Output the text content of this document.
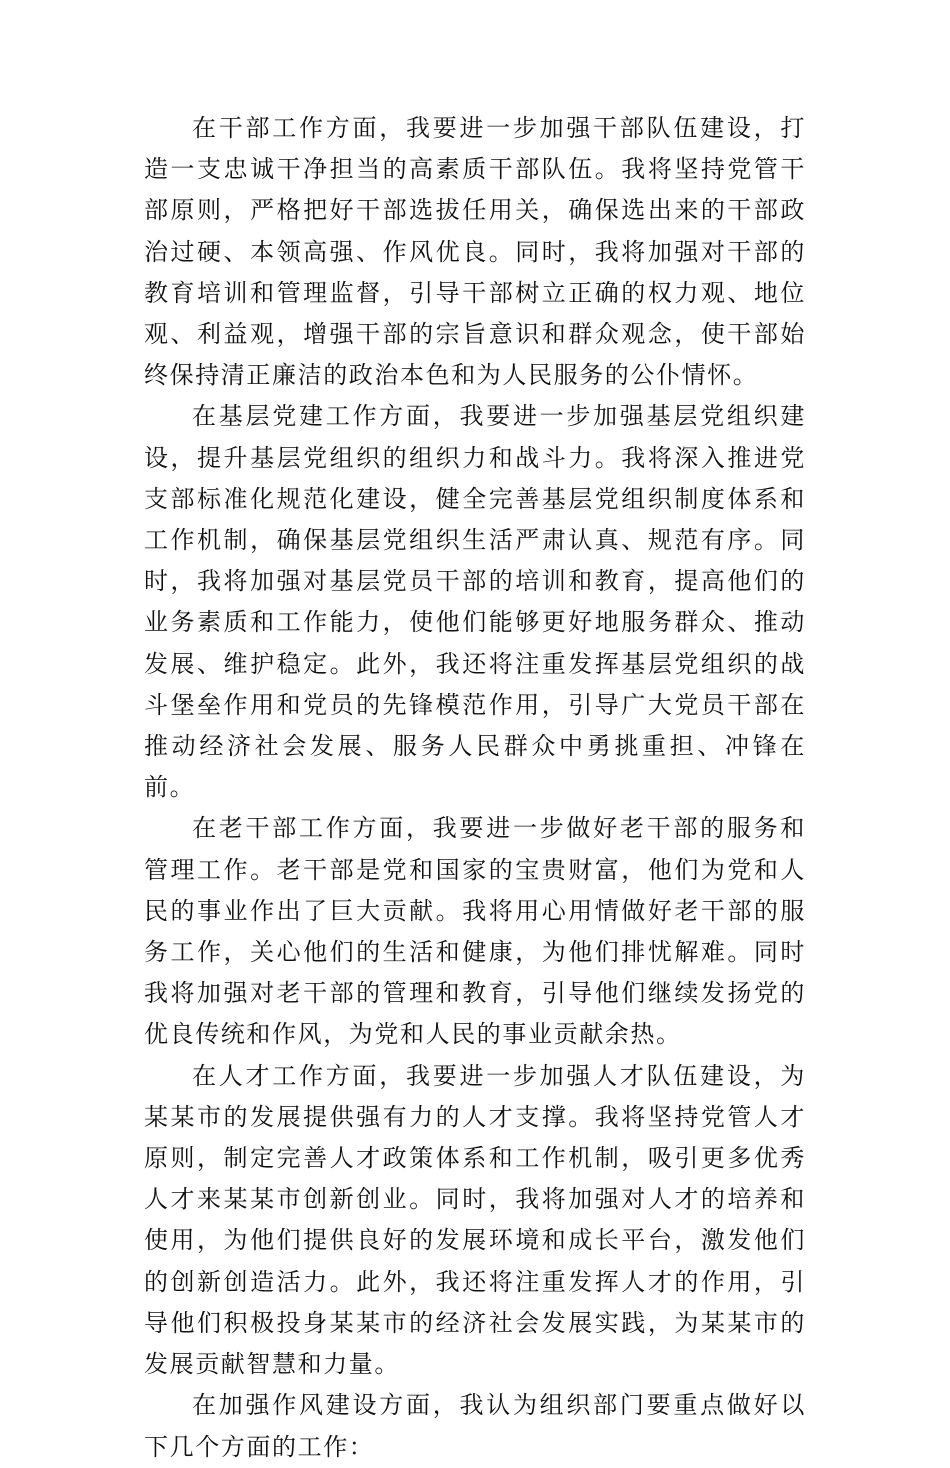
在干部工作方面，我要进一步加强干部队伍建设，打造一支忠诚干净担当的高素质干部队伍。我将坚持党管干部原则，严格把好干部选拔任用关，确保选出来的干部政治过硬、本领高强、作风优良。同时，我将加强对干部的教育培训和管理监督，引导干部树立正确的权力观、地位观、利益观，增强干部的宗旨意识和群众观念，使干部始终保持清正廉洁的政治本色和为人民服务的公仆情怀。

在基层党建工作方面，我要进一步加强基层党组织建设，提升基层党组织的组织力和战斗力。我将深入推进党支部标准化规范化建设，健全完善基层党组织制度体系和工作机制，确保基层党组织生活严肃认真、规范有序。同时，我将加强对基层党员干部的培训和教育，提高他们的业务素质和工作能力，使他们能够更好地服务群众、推动发展、维护稳定。此外，我还将注重发挥基层党组织的战斗堡垒作用和党员的先锋模范作用，引导广大党员干部在推动经济社会发展、服务人民群众中勇挑重担、冲锋在前。

在老干部工作方面，我要进一步做好老干部的服务和管理工作。老干部是党和国家的宝贵财富，他们为党和人民的事业作出了巨大贡献。我将用心用情做好老干部的服务工作，关心他们的生活和健康，为他们排忧解难。同时我将加强对老干部的管理和教育，引导他们继续发扬党的优良传统和作风，为党和人民的事业贡献余热。

在人才工作方面，我要进一步加强人才队伍建设，为某某市的发展提供强有力的人才支撑。我将坚持党管人才原则，制定完善人才政策体系和工作机制，吸引更多优秀人才来某某市创新创业。同时，我将加强对人才的培养和使用，为他们提供良好的发展环境和成长平台，激发他们的创新创造活力。此外，我还将注重发挥人才的作用，引导他们积极投身某某市的经济社会发展实践，为某某市的发展贡献智慧和力量。

在加强作风建设方面，我认为组织部门要重点做好以下几个方面的工作：
